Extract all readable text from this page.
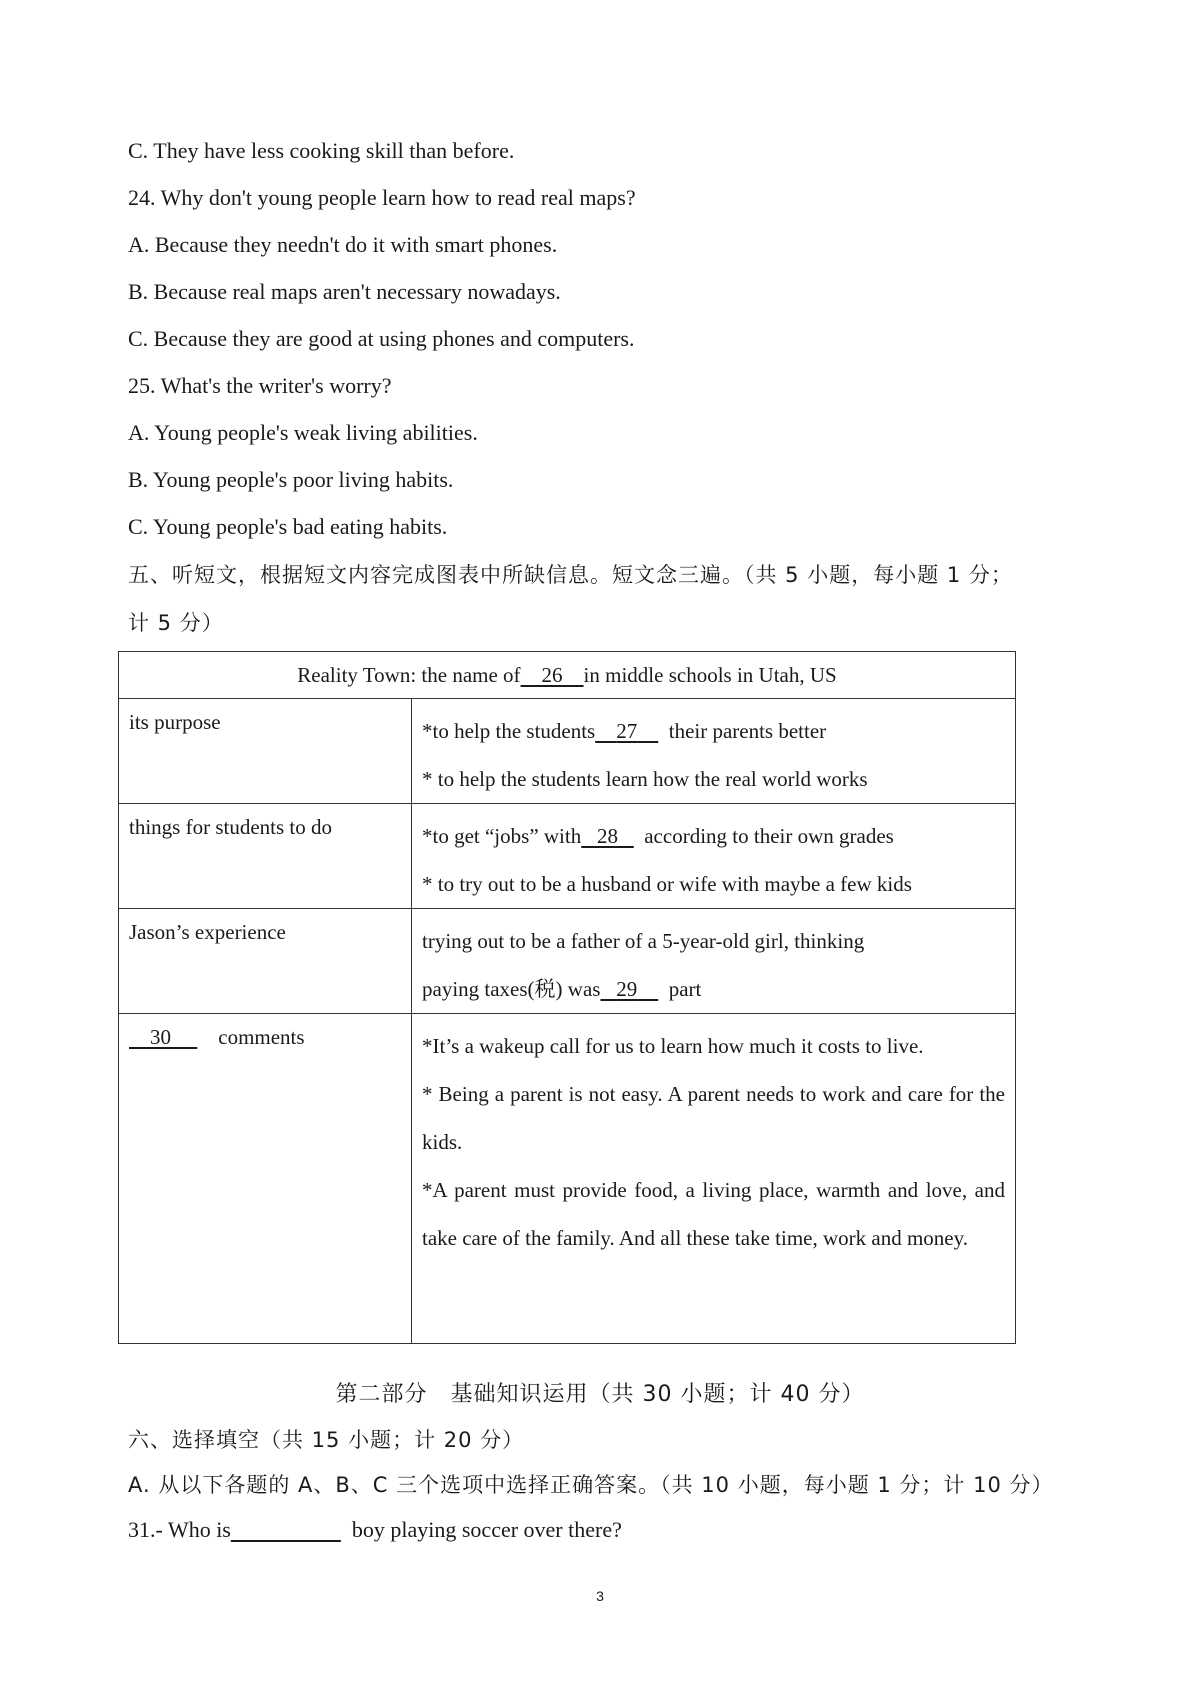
C. They have less cooking skill than before.
24. Why don't young people learn how to read real maps?
A. Because they needn't do it with smart phones.
B. Because real maps aren't necessary nowadays.
C. Because they are good at using phones and computers.
25. What's the writer's worry?
A. Young people's weak living abilities.
B. Young people's poor living habits.
C. Young people's bad eating habits.
五、听短文，根据短文内容完成图表中所缺信息。短文念三遍。（共 5 小题，每小题 1 分；
计 5 分）
Reality Town: the name of 26 in middle schools in Utah, US	
its purpose	*to help the students 27 their parents better
* to help the students learn how the real world works

things for students to do	*to get “jobs” with 28 according to their own grades
* to try out to be a husband or wife with maybe a few kids

Jason’s experience	trying out to be a father of a 5-year-old girl, thinking
paying taxes(税) was 29 part

30 comments	*It’s a wakeup call for us to learn how much it costs to live.
* Being a parent is not easy. A parent needs to work and care for the kids.
*A parent must provide food, a living place, warmth and love, and take care of the family. And all these take time, work and money.
第二部分　基础知识运用（共 30 小题；计 40 分）
六、选择填空（共 15 小题；计 20 分）
A. 从以下各题的 A、B、C 三个选项中选择正确答案。（共 10 小题，每小题 1 分；计 10 分）
31.- Who is	boy playing soccer over there?
3
